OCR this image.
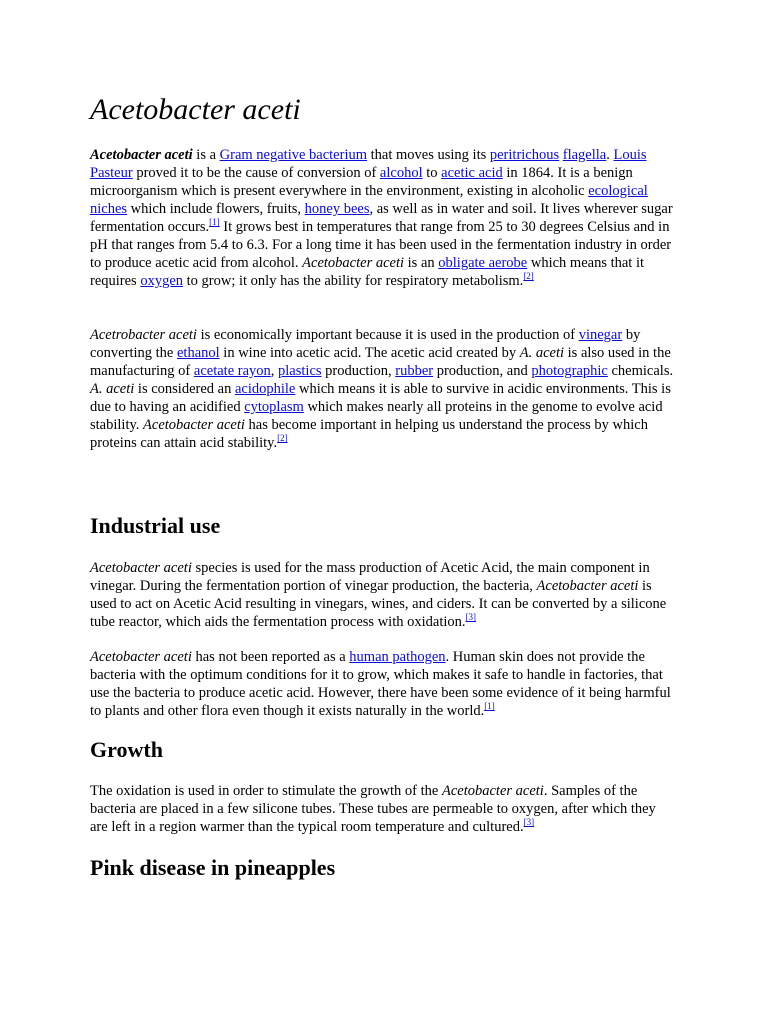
Acetobacter aceti

Acetobacter aceti is a Gram negative bacterium that moves using its peritrichous flagella. Louis Pasteur proved it to be the cause of conversion of alcohol to acetic acid in 1864. It is a benign microorganism which is present everywhere in the environment, existing in alcoholic ecological niches which include flowers, fruits, honey bees, as well as in water and soil. It lives wherever sugar fermentation occurs.[1] It grows best in temperatures that range from 25 to 30 degrees Celsius and in pH that ranges from 5.4 to 6.3. For a long time it has been used in the fermentation industry in order to produce acetic acid from alcohol. Acetobacter aceti is an obligate aerobe which means that it requires oxygen to grow; it only has the ability for respiratory metabolism.[2]

Acetrobacter aceti is economically important because it is used in the production of vinegar by converting the ethanol in wine into acetic acid. The acetic acid created by A. aceti is also used in the manufacturing of acetate rayon, plastics production, rubber production, and photographic chemicals. A. aceti is considered an acidophile which means it is able to survive in acidic environments. This is due to having an acidified cytoplasm which makes nearly all proteins in the genome to evolve acid stability. Acetobacter aceti has become important in helping us understand the process by which proteins can attain acid stability.[2]

Industrial use

Acetobacter aceti species is used for the mass production of Acetic Acid, the main component in vinegar. During the fermentation portion of vinegar production, the bacteria, Acetobacter aceti is used to act on Acetic Acid resulting in vinegars, wines, and ciders. It can be converted by a silicone tube reactor, which aids the fermentation process with oxidation.[3]

Acetobacter aceti has not been reported as a human pathogen. Human skin does not provide the bacteria with the optimum conditions for it to grow, which makes it safe to handle in factories, that use the bacteria to produce acetic acid. However, there have been some evidence of it being harmful to plants and other flora even though it exists naturally in the world.[1]

Growth

The oxidation is used in order to stimulate the growth of the Acetobacter aceti. Samples of the bacteria are placed in a few silicone tubes. These tubes are permeable to oxygen, after which they are left in a region warmer than the typical room temperature and cultured.[3]

Pink disease in pineapples
